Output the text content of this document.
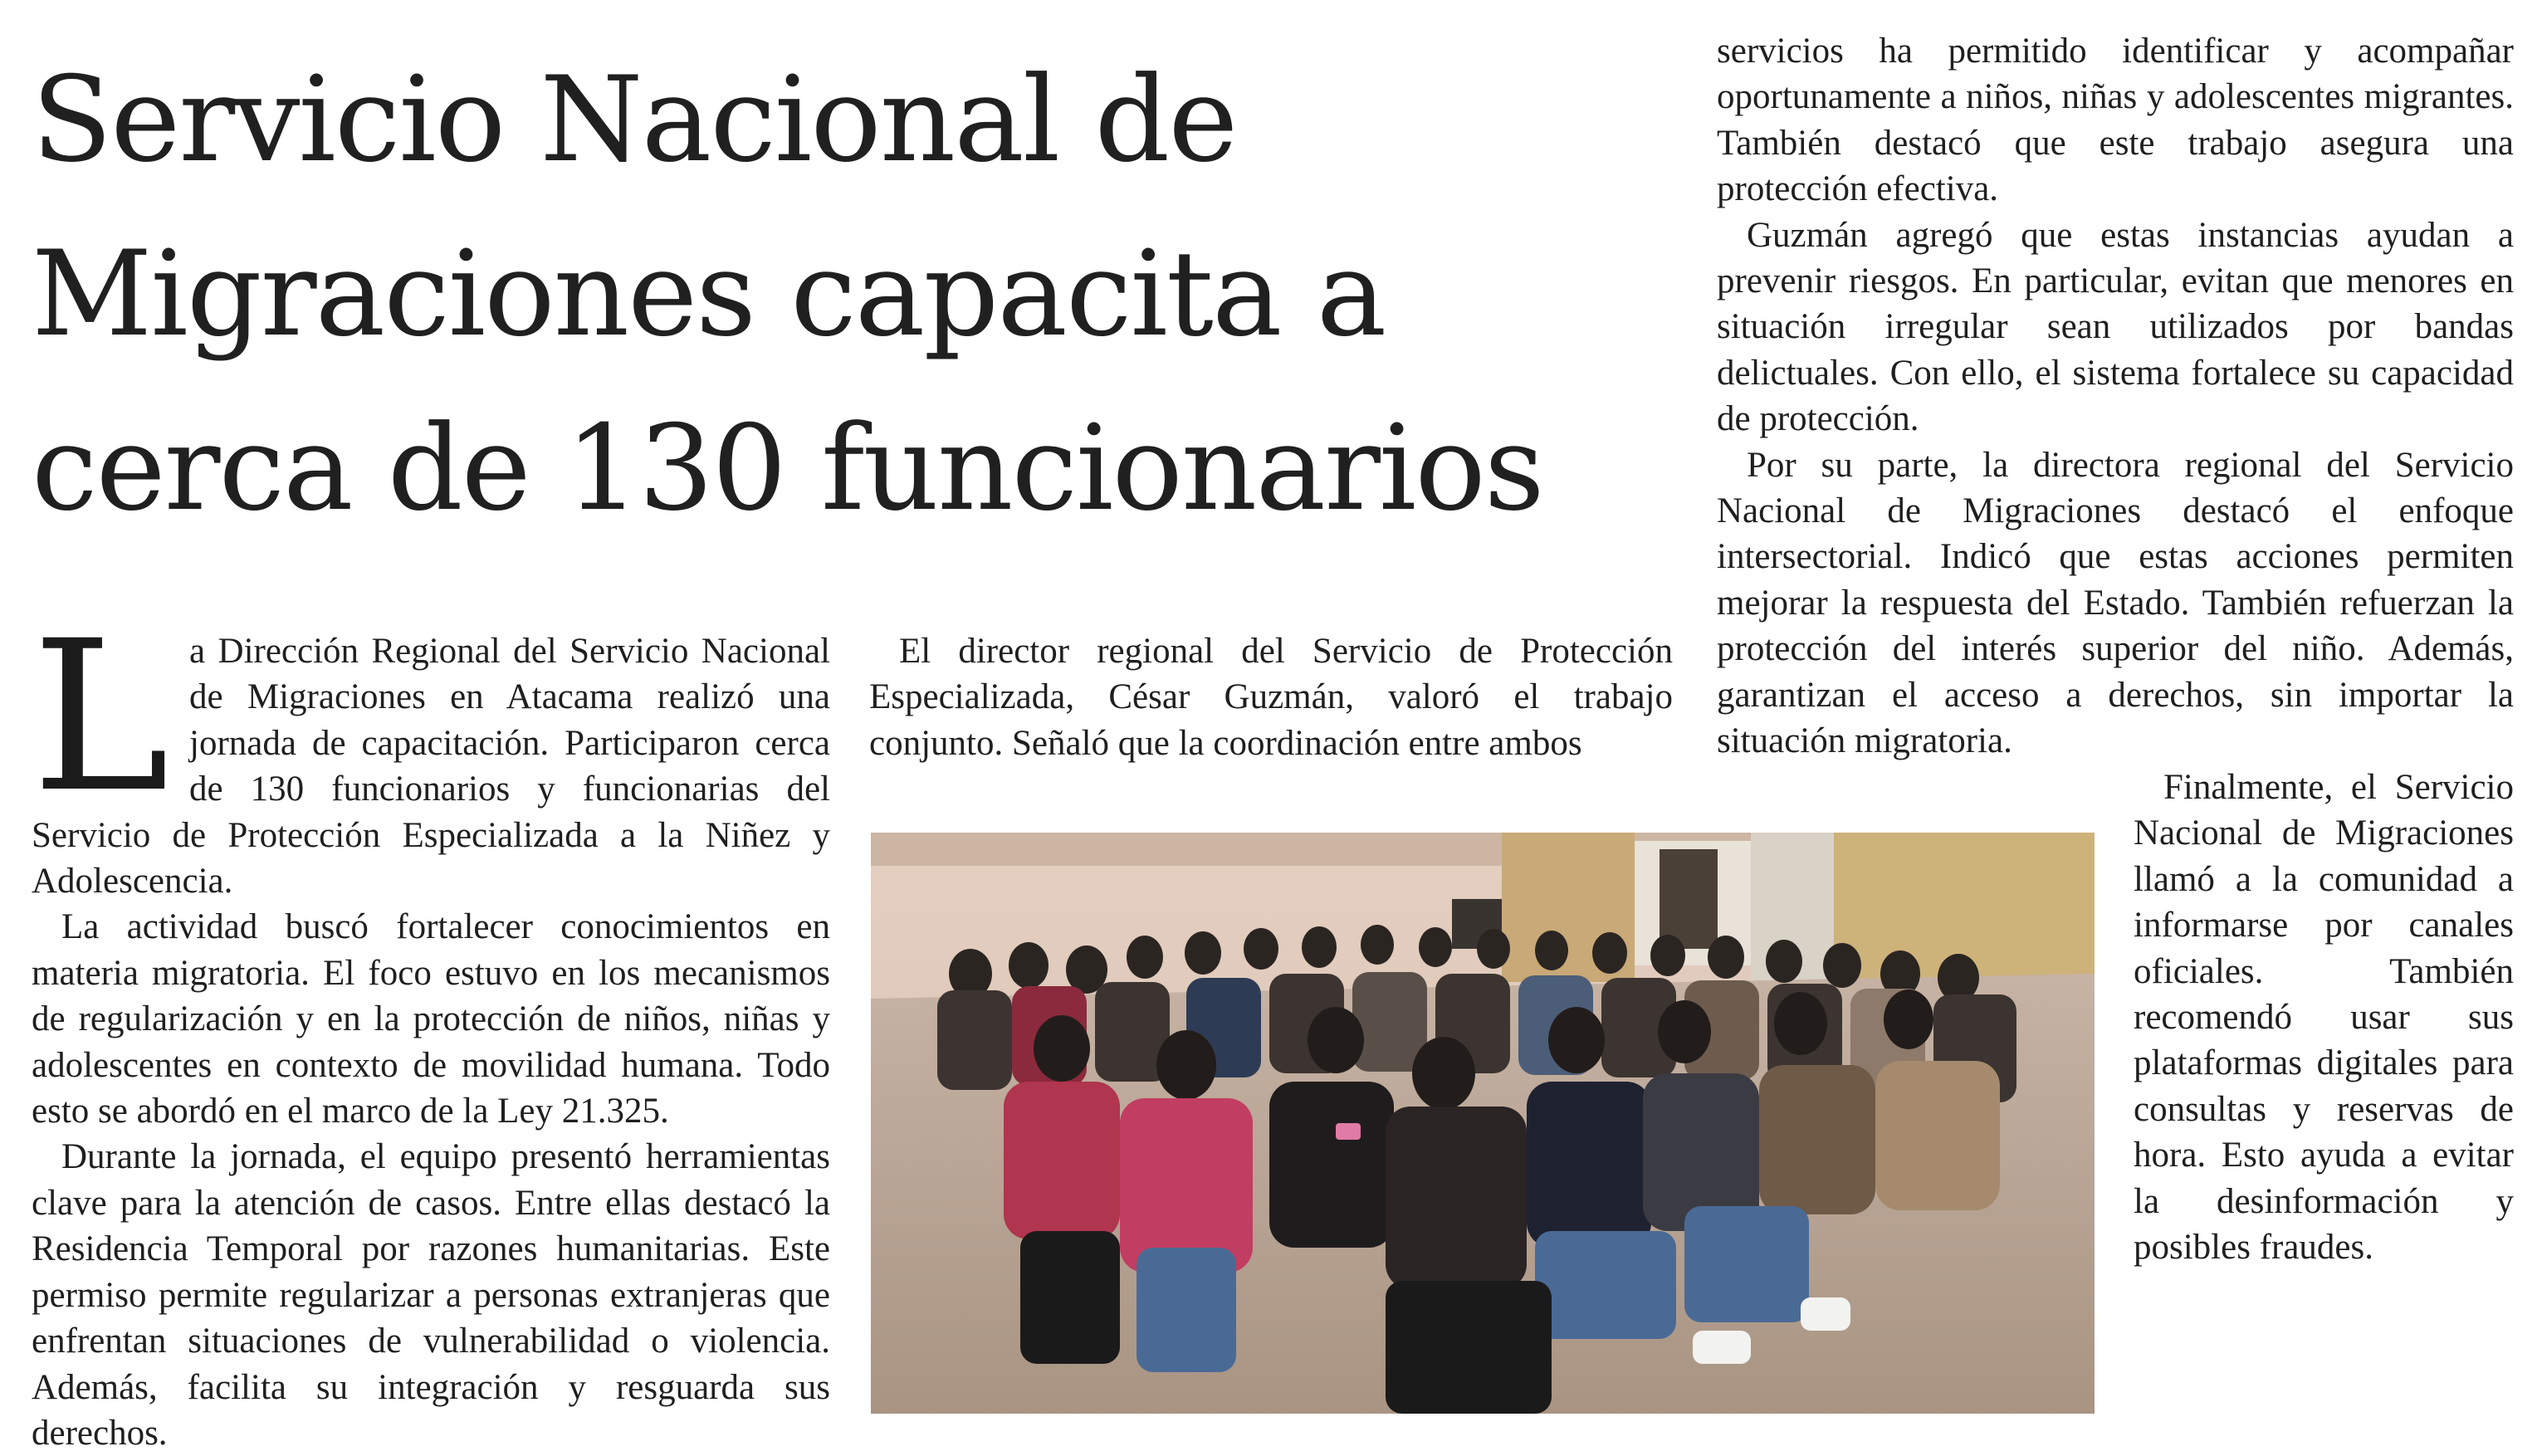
Servicio Nacional de Migraciones capacita a cerca de 130 funcionarios

La Dirección Regional del Servicio Nacional de Migraciones en Atacama realizó una jornada de capacitación. Participaron cerca de 130 funcionarios y funcionarias del Servicio de Protección Especializada a la Niñez y Adolescencia.

La actividad buscó fortalecer conocimientos en materia migratoria. El foco estuvo en los mecanismos de regularización y en la protección de niños, niñas y adolescentes en contexto de movilidad humana. Todo esto se abordó en el marco de la Ley 21.325.

Durante la jornada, el equipo presentó herramientas clave para la atención de casos. Entre ellas destacó la Residencia Temporal por razones humanitarias. Este permiso permite regularizar a personas extranjeras que enfrentan situaciones de vulnerabilidad o violencia. Además, facilita su integración y resguarda sus derechos.

El director regional del Servicio de Protección Especializada, César Guzmán, valoró el trabajo conjunto. Señaló que la coordinación entre ambos

servicios ha permitido identificar y acompañar oportunamente a niños, niñas y adolescentes migrantes. También destacó que este trabajo asegura una protección efectiva.

Guzmán agregó que estas instancias ayudan a prevenir riesgos. En particular, evitan que menores en situación irregular sean utilizados por bandas delictuales. Con ello, el sistema fortalece su capacidad de protección.

Por su parte, la directora regional del Servicio Nacional de Migraciones destacó el enfoque intersectorial. Indicó que estas acciones permiten mejorar la respuesta del Estado. También refuerzan la protección del interés superior del niño. Además, garantizan el acceso a derechos, sin importar la situación migratoria.

Finalmente, el Servicio Nacional de Migraciones llamó a la comunidad a informarse por canales oficiales. También recomendó usar sus plataformas digitales para consultas y reservas de hora. Esto ayuda a evitar la desinformación y posibles fraudes.
